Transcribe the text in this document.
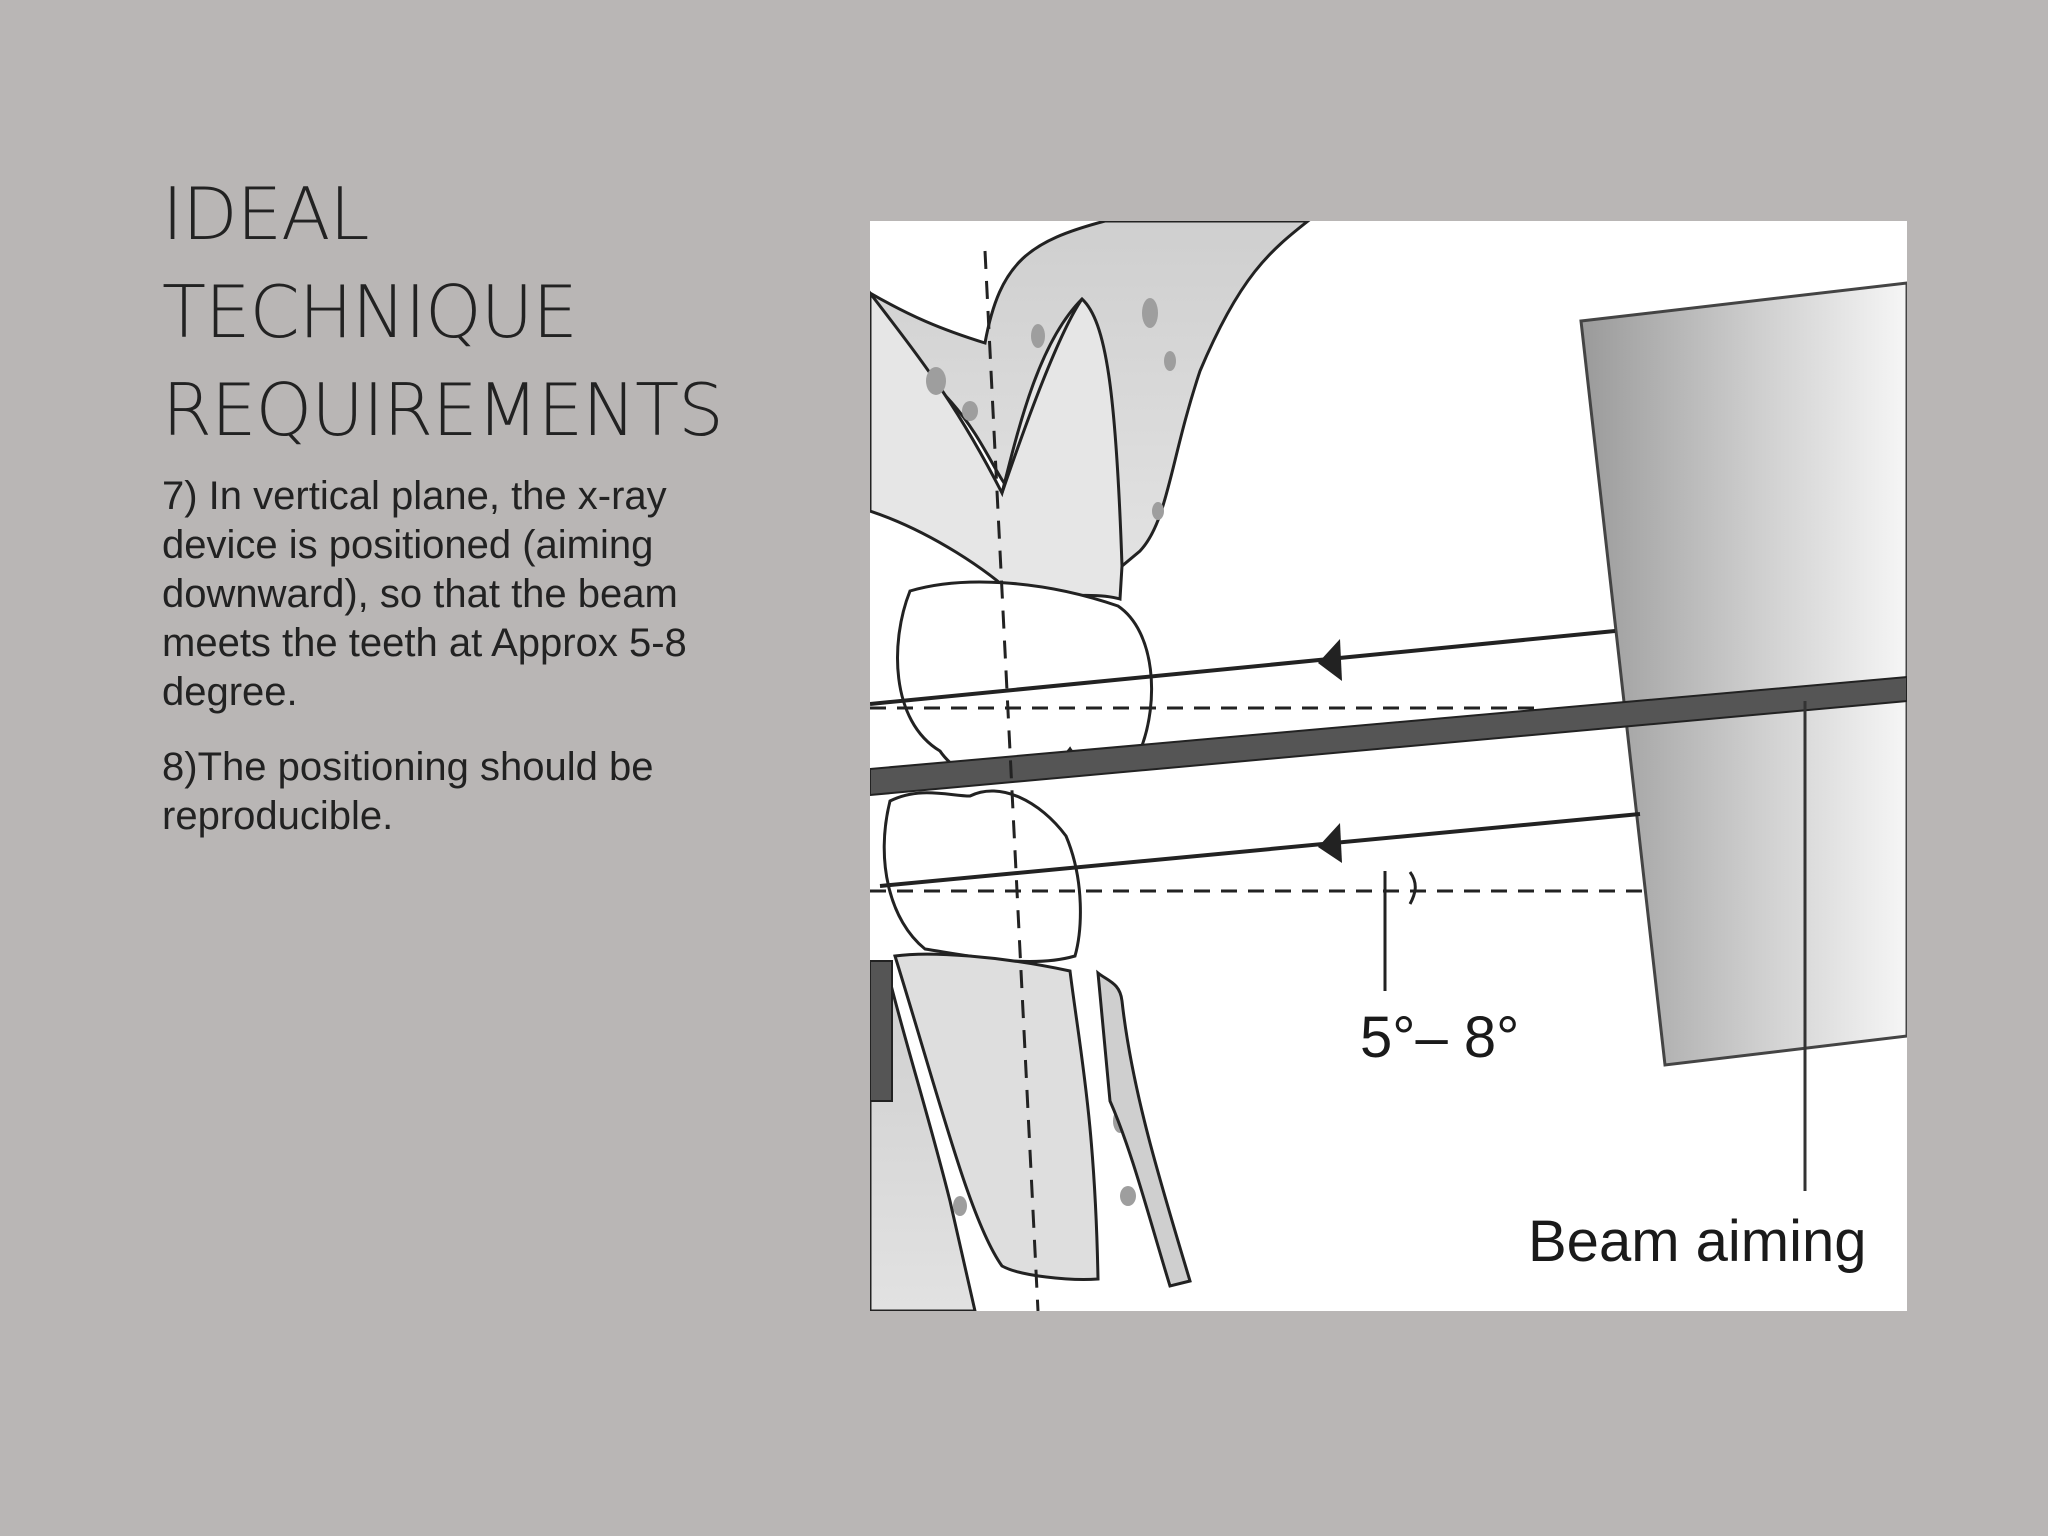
IDEAL
TECHNIQUE
REQUIREMENTS

7) In vertical plane, the x-ray device is positioned (aiming downward), so that the beam meets the teeth at Approx 5-8 degree.

8)The positioning should be reproducible.

5°– 8°
Beam aiming
